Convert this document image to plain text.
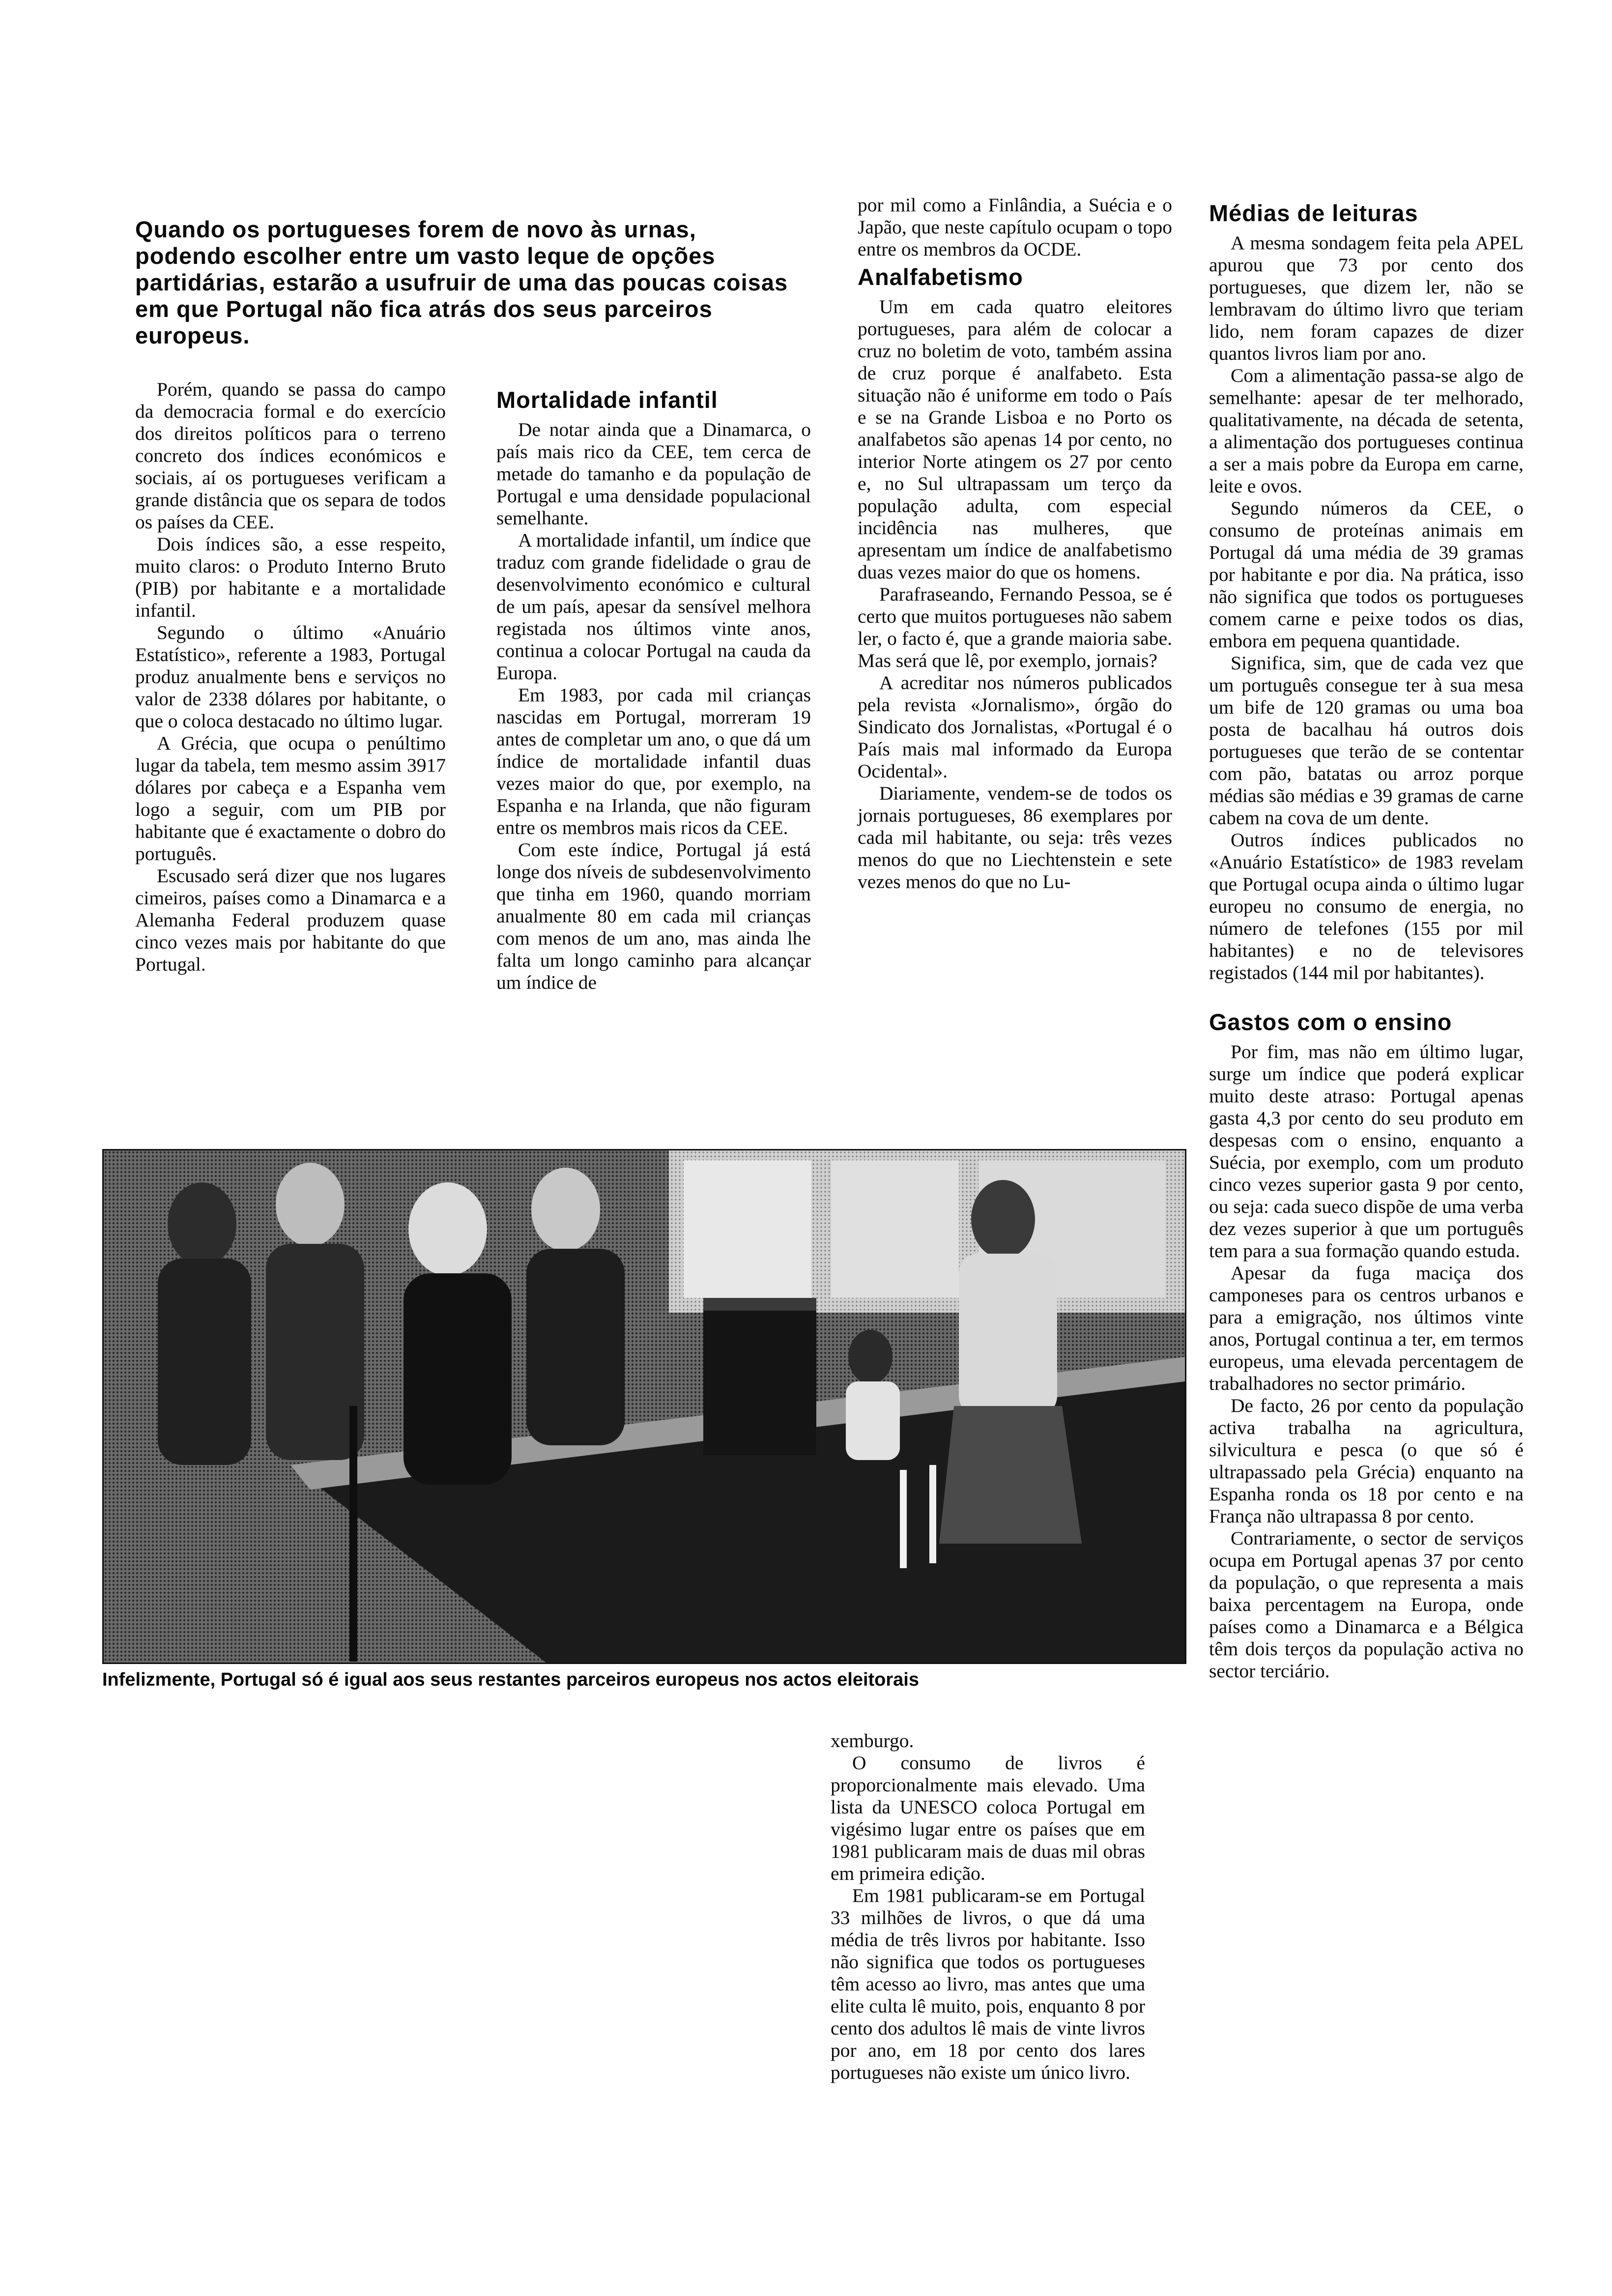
Quando os portugueses forem de novo às urnas, podendo escolher entre um vasto leque de opções partidárias, estarão a usufruir de uma das poucas coisas em que Portugal não fica atrás dos seus parceiros europeus.

Porém, quando se passa do campo da democracia formal e do exercício dos direitos políticos para o terreno concreto dos índices económicos e sociais, aí os portugueses verificam a grande distância que os separa de todos os países da CEE.

Dois índices são, a esse respeito, muito claros: o Produto Interno Bruto (PIB) por habitante e a mortalidade infantil.

Segundo o último «Anuário Estatístico», referente a 1983, Portugal produz anualmente bens e serviços no valor de 2338 dólares por habitante, o que o coloca destacado no último lugar.

A Grécia, que ocupa o penúltimo lugar da tabela, tem mesmo assim 3917 dólares por cabeça e a Espanha vem logo a seguir, com um PIB por habitante que é exactamente o dobro do português.

Escusado será dizer que nos lugares cimeiros, países como a Dinamarca e a Alemanha Federal produzem quase cinco vezes mais por habitante do que Portugal.

Mortalidade infantil

De notar ainda que a Dinamarca, o país mais rico da CEE, tem cerca de metade do tamanho e da população de Portugal e uma densidade populacional semelhante.

A mortalidade infantil, um índice que traduz com grande fidelidade o grau de desenvolvimento económico e cultural de um país, apesar da sensível melhora registada nos últimos vinte anos, continua a colocar Portugal na cauda da Europa.

Em 1983, por cada mil crianças nascidas em Portugal, morreram 19 antes de completar um ano, o que dá um índice de mortalidade infantil duas vezes maior do que, por exemplo, na Espanha e na Irlanda, que não figuram entre os membros mais ricos da CEE.

Com este índice, Portugal já está longe dos níveis de subdesenvolvimento que tinha em 1960, quando morriam anualmente 80 em cada mil crianças com menos de um ano, mas ainda lhe falta um longo caminho para alcançar um índice de

por mil como a Finlândia, a Suécia e o Japão, que neste capítulo ocupam o topo entre os membros da OCDE.

Analfabetismo

Um em cada quatro eleitores portugueses, para além de colocar a cruz no boletim de voto, também assina de cruz porque é analfabeto. Esta situação não é uniforme em todo o País e se na Grande Lisboa e no Porto os analfabetos são apenas 14 por cento, no interior Norte atingem os 27 por cento e, no Sul ultrapassam um terço da população adulta, com especial incidência nas mulheres, que apresentam um índice de analfabetismo duas vezes maior do que os homens.

Parafraseando, Fernando Pessoa, se é certo que muitos portugueses não sabem ler, o facto é, que a grande maioria sabe. Mas será que lê, por exemplo, jornais?

A acreditar nos números publicados pela revista «Jornalismo», órgão do Sindicato dos Jornalistas, «Portugal é o País mais mal informado da Europa Ocidental».

Diariamente, vendem-se de todos os jornais portugueses, 86 exemplares por cada mil habitante, ou seja: três vezes menos do que no Liechtenstein e sete vezes menos do que no Lu-

xemburgo.

O consumo de livros é proporcionalmente mais elevado. Uma lista da UNESCO coloca Portugal em vigésimo lugar entre os países que em 1981 publicaram mais de duas mil obras em primeira edição.

Em 1981 publicaram-se em Portugal 33 milhões de livros, o que dá uma média de três livros por habitante. Isso não significa que todos os portugueses têm acesso ao livro, mas antes que uma elite culta lê muito, pois, enquanto 8 por cento dos adultos lê mais de vinte livros por ano, em 18 por cento dos lares portugueses não existe um único livro.

Médias de leituras

A mesma sondagem feita pela APEL apurou que 73 por cento dos portugueses, que dizem ler, não se lembravam do último livro que teriam lido, nem foram capazes de dizer quantos livros liam por ano.

Com a alimentação passa-se algo de semelhante: apesar de ter melhorado, qualitativamente, na década de setenta, a alimentação dos portugueses continua a ser a mais pobre da Europa em carne, leite e ovos.

Segundo números da CEE, o consumo de proteínas animais em Portugal dá uma média de 39 gramas por habitante e por dia. Na prática, isso não significa que todos os portugueses comem carne e peixe todos os dias, embora em pequena quantidade.

Significa, sim, que de cada vez que um português consegue ter à sua mesa um bife de 120 gramas ou uma boa posta de bacalhau há outros dois portugueses que terão de se contentar com pão, batatas ou arroz porque médias são médias e 39 gramas de carne cabem na cova de um dente.

Outros índices publicados no «Anuário Estatístico» de 1983 revelam que Portugal ocupa ainda o último lugar europeu no consumo de energia, no número de telefones (155 por mil habitantes) e no de televisores registados (144 mil por habitantes).

Gastos com o ensino

Por fim, mas não em último lugar, surge um índice que poderá explicar muito deste atraso: Portugal apenas gasta 4,3 por cento do seu produto em despesas com o ensino, enquanto a Suécia, por exemplo, com um produto cinco vezes superior gasta 9 por cento, ou seja: cada sueco dispõe de uma verba dez vezes superior à que um português tem para a sua formação quando estuda.

Apesar da fuga maciça dos camponeses para os centros urbanos e para a emigração, nos últimos vinte anos, Portugal continua a ter, em termos europeus, uma elevada percentagem de trabalhadores no sector primário.

De facto, 26 por cento da população activa trabalha na agricultura, silvicultura e pesca (o que só é ultrapassado pela Grécia) enquanto na Espanha ronda os 18 por cento e na França não ultrapassa 8 por cento.

Contrariamente, o sector de serviços ocupa em Portugal apenas 37 por cento da população, o que representa a mais baixa percentagem na Europa, onde países como a Dinamarca e a Bélgica têm dois terços da população activa no sector terciário.

Infelizmente, Portugal só é igual aos seus restantes parceiros europeus nos actos eleitorais
